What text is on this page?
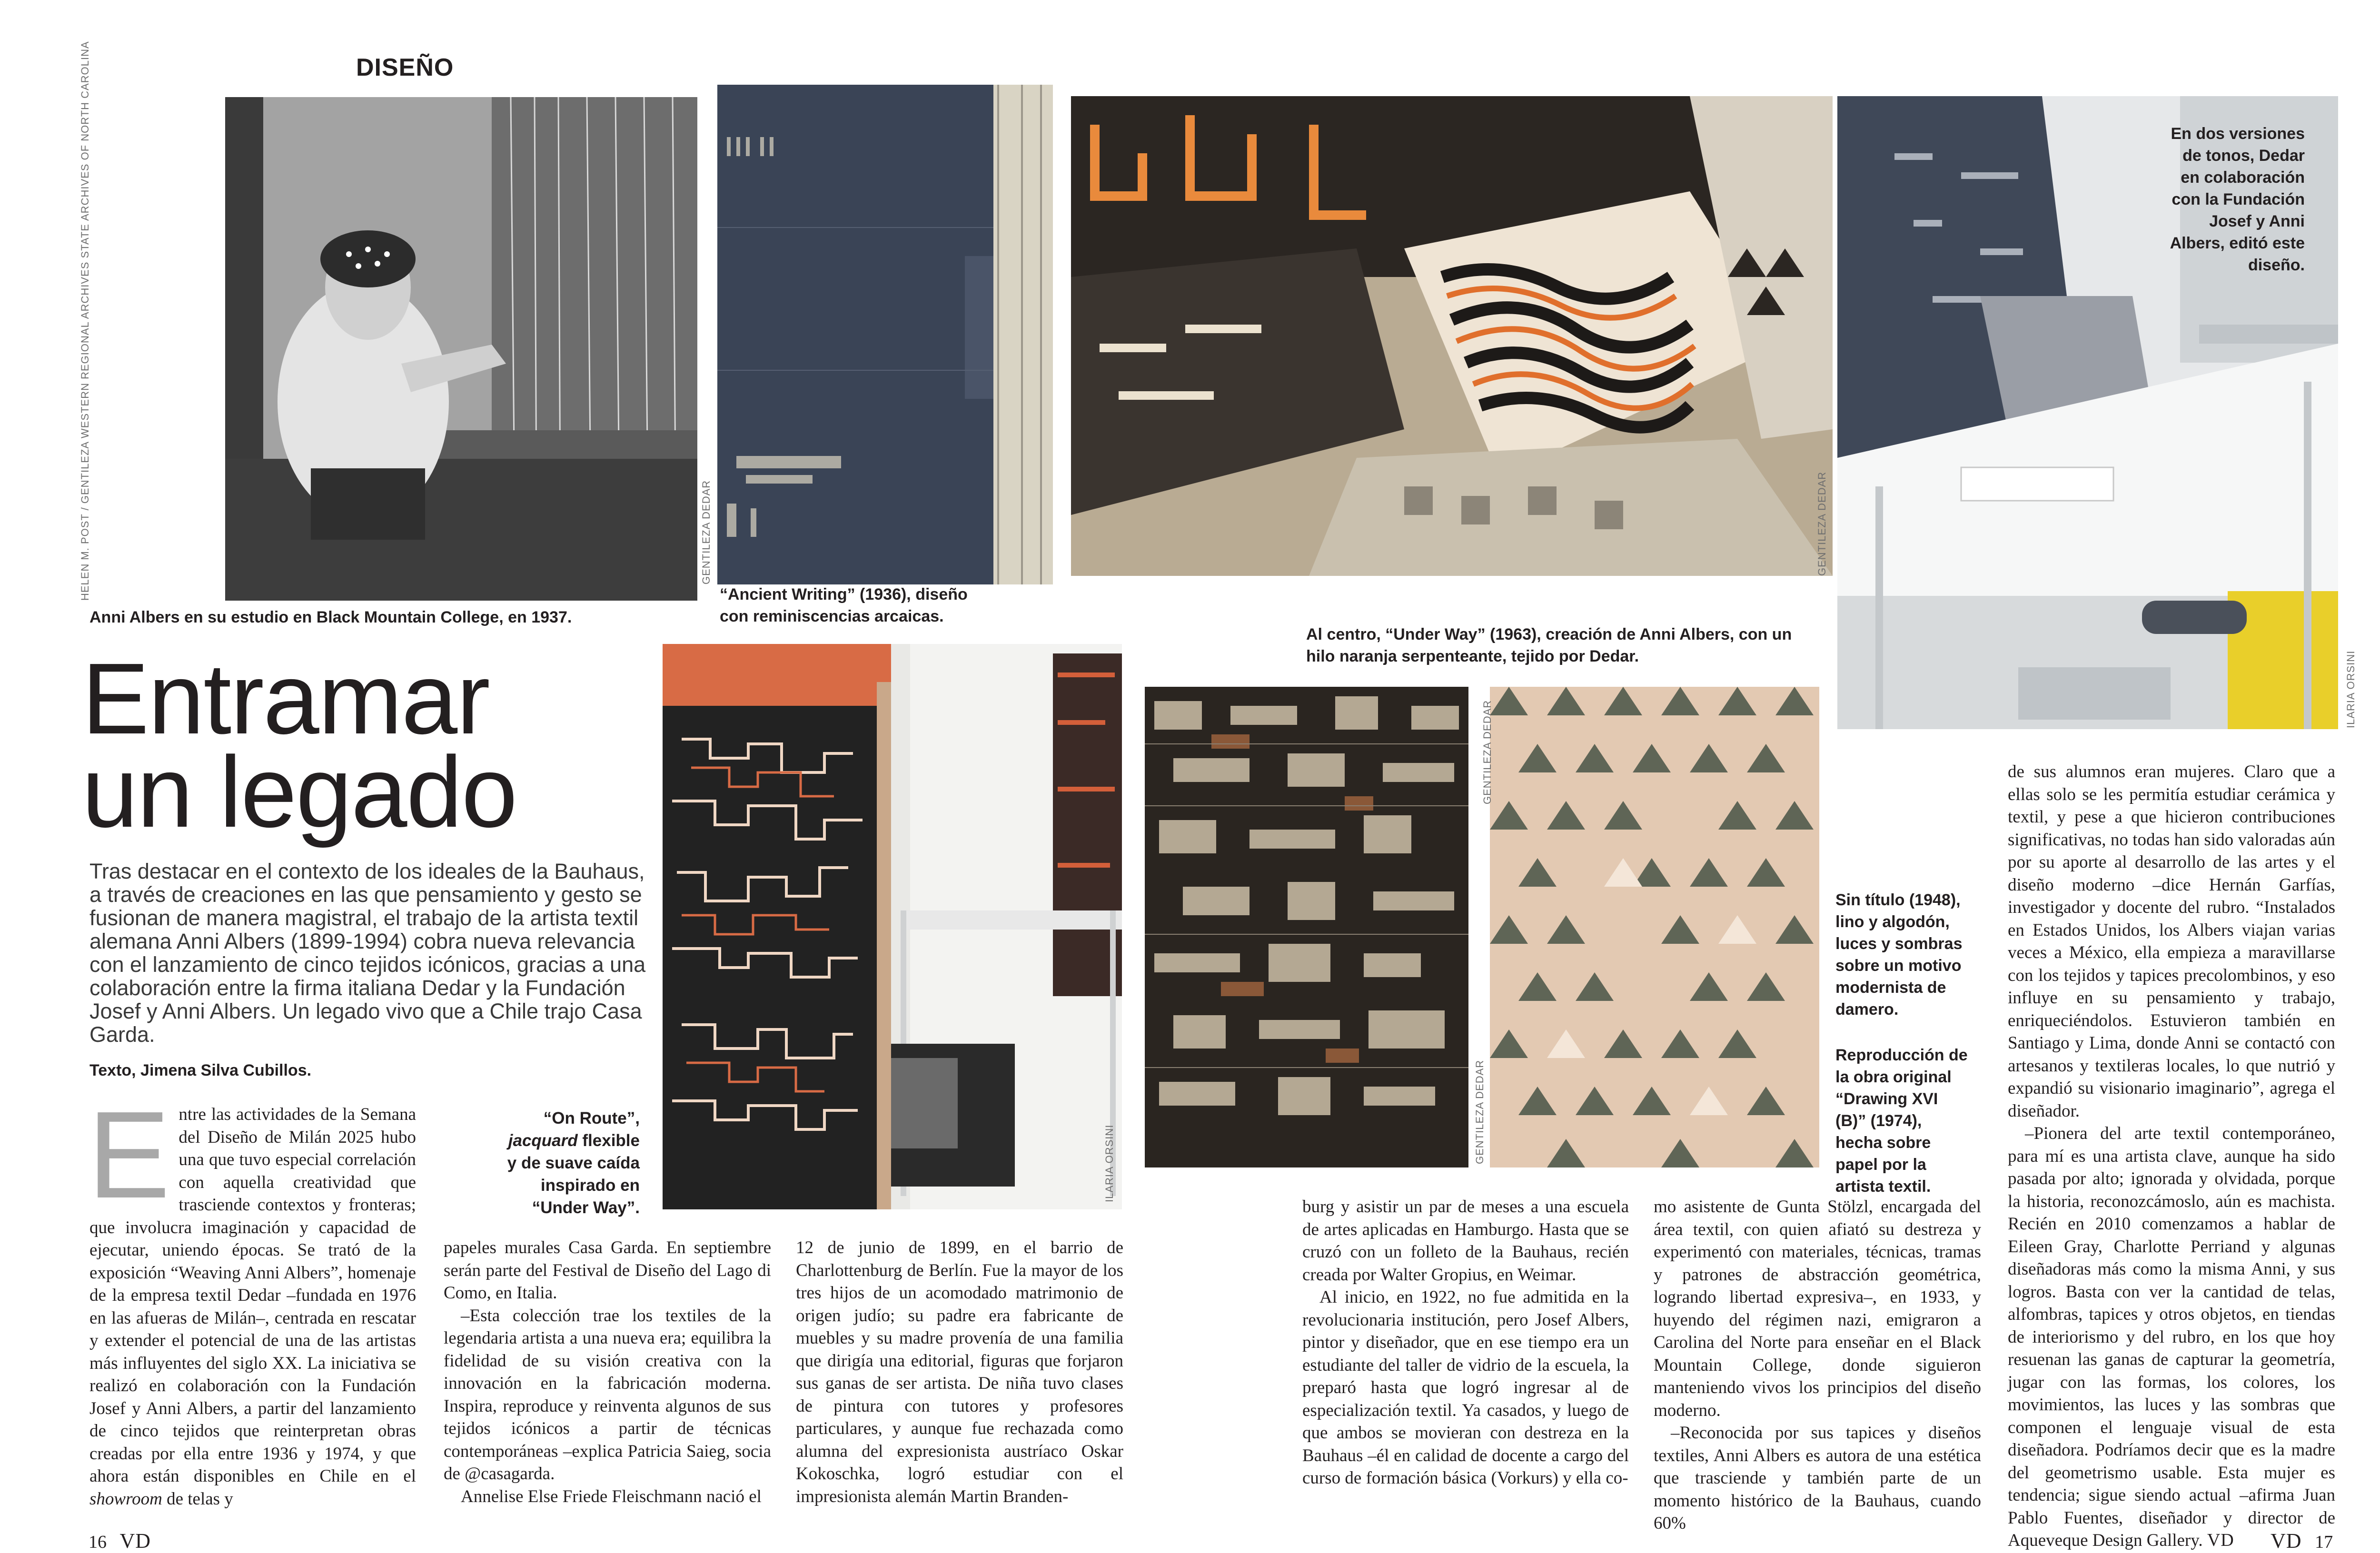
DISEÑO
HELEN M. POST / GENTILEZA WESTERN REGIONAL ARCHIVES STATE ARCHIVES OF NORTH CAROLINA
Anni Albers en su estudio en Black Mountain College, en 1937.
GENTILEZA DEDAR
“Ancient Writing” (1936), diseño con reminiscencias arcaicas.
Entramar
un legado
Tras destacar en el contexto de los ideales de la Bauhaus, a través de creaciones en las que pensamiento y gesto se fusionan de manera magistral, el trabajo de la artista textil alemana Anni Albers (1899-1994) cobra nueva relevancia con el lanzamiento de cinco tejidos icónicos, gracias a una colaboración entre la firma italiana Dedar y la Fundación Josef y Anni Albers. Un legado vivo que a Chile trajo Casa Garda.
Texto, Jimena Silva Cubillos.
ILARIA ORSINI
“On Route”,
jacquard flexible y de suave caída inspirado en “Under Way”.

Entre las actividades de la Semana del Diseño de Milán 2025 hubo una que tuvo especial correlación con aquella creatividad que trasciende contextos y fronteras; que involucra imaginación y capacidad de ejecutar, uniendo épocas. Se trató de la exposición “Weaving Anni Albers”, homenaje de la empresa textil Dedar –fundada en 1976 en las afueras de Milán–, centrada en rescatar y extender el potencial de una de las artistas más influyentes del siglo XX. La iniciativa se realizó en colaboración con la Fundación Josef y Anni Albers, a partir del lanzamiento de cinco tejidos que reinterpretan obras creadas por ella entre 1936 y 1974, y que ahora están disponibles en Chile en el showroom de telas y

papeles murales Casa Garda. En septiembre serán parte del Festival de Diseño del Lago di Como, en Italia.

–Esta colección trae los textiles de la legendaria artista a una nueva era; equilibra la fidelidad de su visión creativa con la innovación en la fabricación moderna. Inspira, reproduce y reinventa algunos de sus tejidos icónicos a partir de técnicas contemporáneas –explica Patricia Saieg, socia de @casagarda.

Annelise Else Friede Fleischmann nació el

12 de junio de 1899, en el barrio de Charlottenburg de Berlín. Fue la mayor de los tres hijos de un acomodado matrimonio de origen judío; su padre era fabricante de muebles y su madre provenía de una familia que dirigía una editorial, figuras que forjaron sus ganas de ser artista. De niña tuvo clases de pintura con tutores y profesores particulares, y aunque fue rechazada como alumna del expresionista austríaco Oskar Kokoschka, logró estudiar con el impresionista alemán Martin Branden-

16 VD
GENTILEZA DEDAR
Al centro, “Under Way” (1963), creación de Anni Albers, con un hilo naranja serpenteante, tejido por Dedar.
En dos versiones de tonos, Dedar en colaboración con la Fundación Josef y Anni Albers, editó este diseño.
ILARIA ORSINI
GENTILEZA DEDAR
GENTILEZA DEDAR
Sin título (1948), lino y algodón, luces y sombras sobre un motivo modernista de damero.
Reproducción de la obra original “Drawing XVI (B)” (1974), hecha sobre papel por la artista textil.

burg y asistir un par de meses a una escuela de artes aplicadas en Hamburgo. Hasta que se cruzó con un folleto de la Bauhaus, recién creada por Walter Gropius, en Weimar.

Al inicio, en 1922, no fue admitida en la revolucionaria institución, pero Josef Albers, pintor y diseñador, que en ese tiempo era un estudiante del taller de vidrio de la escuela, la preparó hasta que logró ingresar al de especialización textil. Ya casados, y luego de que ambos se movieran con destreza en la Bauhaus –él en calidad de docente a cargo del curso de formación básica (Vorkurs) y ella co-

mo asistente de Gunta Stölzl, encargada del área textil, con quien afiató su destreza y experimentó con materiales, técnicas, tramas y patrones de abstracción geométrica, logrando libertad expresiva–, en 1933, y huyendo del régimen nazi, emigraron a Carolina del Norte para enseñar en el Black Mountain College, donde siguieron manteniendo vivos los principios del diseño moderno.

–Reconocida por sus tapices y diseños textiles, Anni Albers es autora de una estética que trasciende y también parte de un momento histórico de la Bauhaus, cuando 60%

de sus alumnos eran mujeres. Claro que a ellas solo se les permitía estudiar cerámica y textil, y pese a que hicieron contribuciones significativas, no todas han sido valoradas aún por su aporte al desarrollo de las artes y el diseño moderno –dice Hernán Garfías, investigador y docente del rubro. “Instalados en Estados Unidos, los Albers viajan varias veces a México, ella empieza a maravillarse con los tejidos y tapices precolombinos, y eso influye en su pensamiento y trabajo, enriqueciéndolos. Estuvieron también en Santiago y Lima, donde Anni se contactó con artesanos y textileras locales, lo que nutrió y expandió su visionario imaginario”, agrega el diseñador.

–Pionera del arte textil contemporáneo, para mí es una artista clave, aunque ha sido pasada por alto; ignorada y olvidada, porque la historia, reconozcámoslo, aún es machista. Recién en 2010 comenzamos a hablar de Eileen Gray, Charlotte Perriand y algunas diseñadoras más como la misma Anni, y sus logros. Basta con ver la cantidad de telas, alfombras, tapices y otros objetos, en tiendas de interiorismo y del rubro, en los que hoy resuenan las ganas de capturar la geometría, jugar con las formas, los colores, los movimientos, las luces y las sombras que componen el lenguaje visual de esta diseñadora. Podríamos decir que es la madre del geometrismo usable. Esta mujer es tendencia; sigue siendo actual –afirma Juan Pablo Fuentes, diseñador y director de Aqueveque Design Gallery. VD	VD 17
